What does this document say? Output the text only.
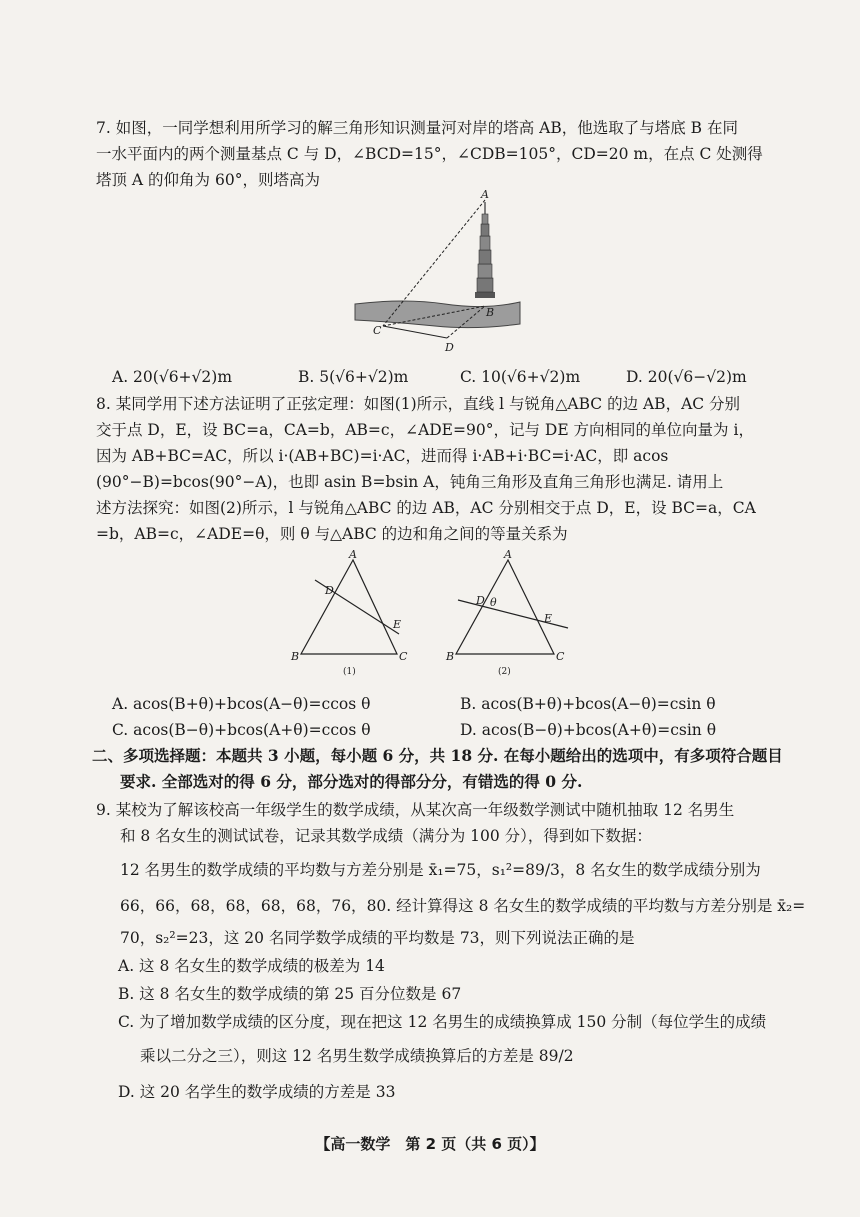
7. 如图，一同学想利用所学习的解三角形知识测量河对岸的塔高 AB，他选取了与塔底 B 在同
一水平面内的两个测量基点 C 与 D，∠BCD=15°，∠CDB=105°，CD=20 m，在点 C 处测得
塔顶 A 的仰角为 60°，则塔高为
A
B
C
D
A. 20(√6+√2)m	B. 5(√6+√2)m	C. 10(√6+√2)m	D. 20(√6−√2)m
8. 某同学用下述方法证明了正弦定理：如图(1)所示，直线 l 与锐角△ABC 的边 AB，AC 分别
交于点 D，E，设 BC=a，CA=b，AB=c，∠ADE=90°，记与 DE 方向相同的单位向量为 i，
因为 AB+BC=AC，所以 i·(AB+BC)=i·AC，进而得 i·AB+i·BC=i·AC，即 acos
(90°−B)=bcos(90°−A)，也即 asin B=bsin A，钝角三角形及直角三角形也满足. 请用上
述方法探究：如图(2)所示，l 与锐角△ABC 的边 AB，AC 分别相交于点 D，E，设 BC=a，CA
=b，AB=c，∠ADE=θ，则 θ 与△ABC 的边和角之间的等量关系为
A
B	C
D
E
(1)
A
B	C
D θ
E
(2)
A. acos(B+θ)+bcos(A−θ)=ccos θ	B. acos(B+θ)+bcos(A−θ)=csin θ
C. acos(B−θ)+bcos(A+θ)=ccos θ	D. acos(B−θ)+bcos(A+θ)=csin θ
二、多项选择题：本题共 3 小题，每小题 6 分，共 18 分. 在每小题给出的选项中，有多项符合题目
要求. 全部选对的得 6 分，部分选对的得部分分，有错选的得 0 分.
9. 某校为了解该校高一年级学生的数学成绩，从某次高一年级数学测试中随机抽取 12 名男生
和 8 名女生的测试试卷，记录其数学成绩（满分为 100 分），得到如下数据：
12 名男生的数学成绩的平均数与方差分别是 x̄₁=75，s₁²=89/3，8 名女生的数学成绩分别为
66，66，68，68，68，68，76，80. 经计算得这 8 名女生的数学成绩的平均数与方差分别是 x̄₂=
70，s₂²=23，这 20 名同学数学成绩的平均数是 73，则下列说法正确的是
A. 这 8 名女生的数学成绩的极差为 14
B. 这 8 名女生的数学成绩的第 25 百分位数是 67
C. 为了增加数学成绩的区分度，现在把这 12 名男生的成绩换算成 150 分制（每位学生的成绩
乘以二分之三），则这 12 名男生数学成绩换算后的方差是 89/2
D. 这 20 名学生的数学成绩的方差是 33
【高一数学　第 2 页（共 6 页）】
